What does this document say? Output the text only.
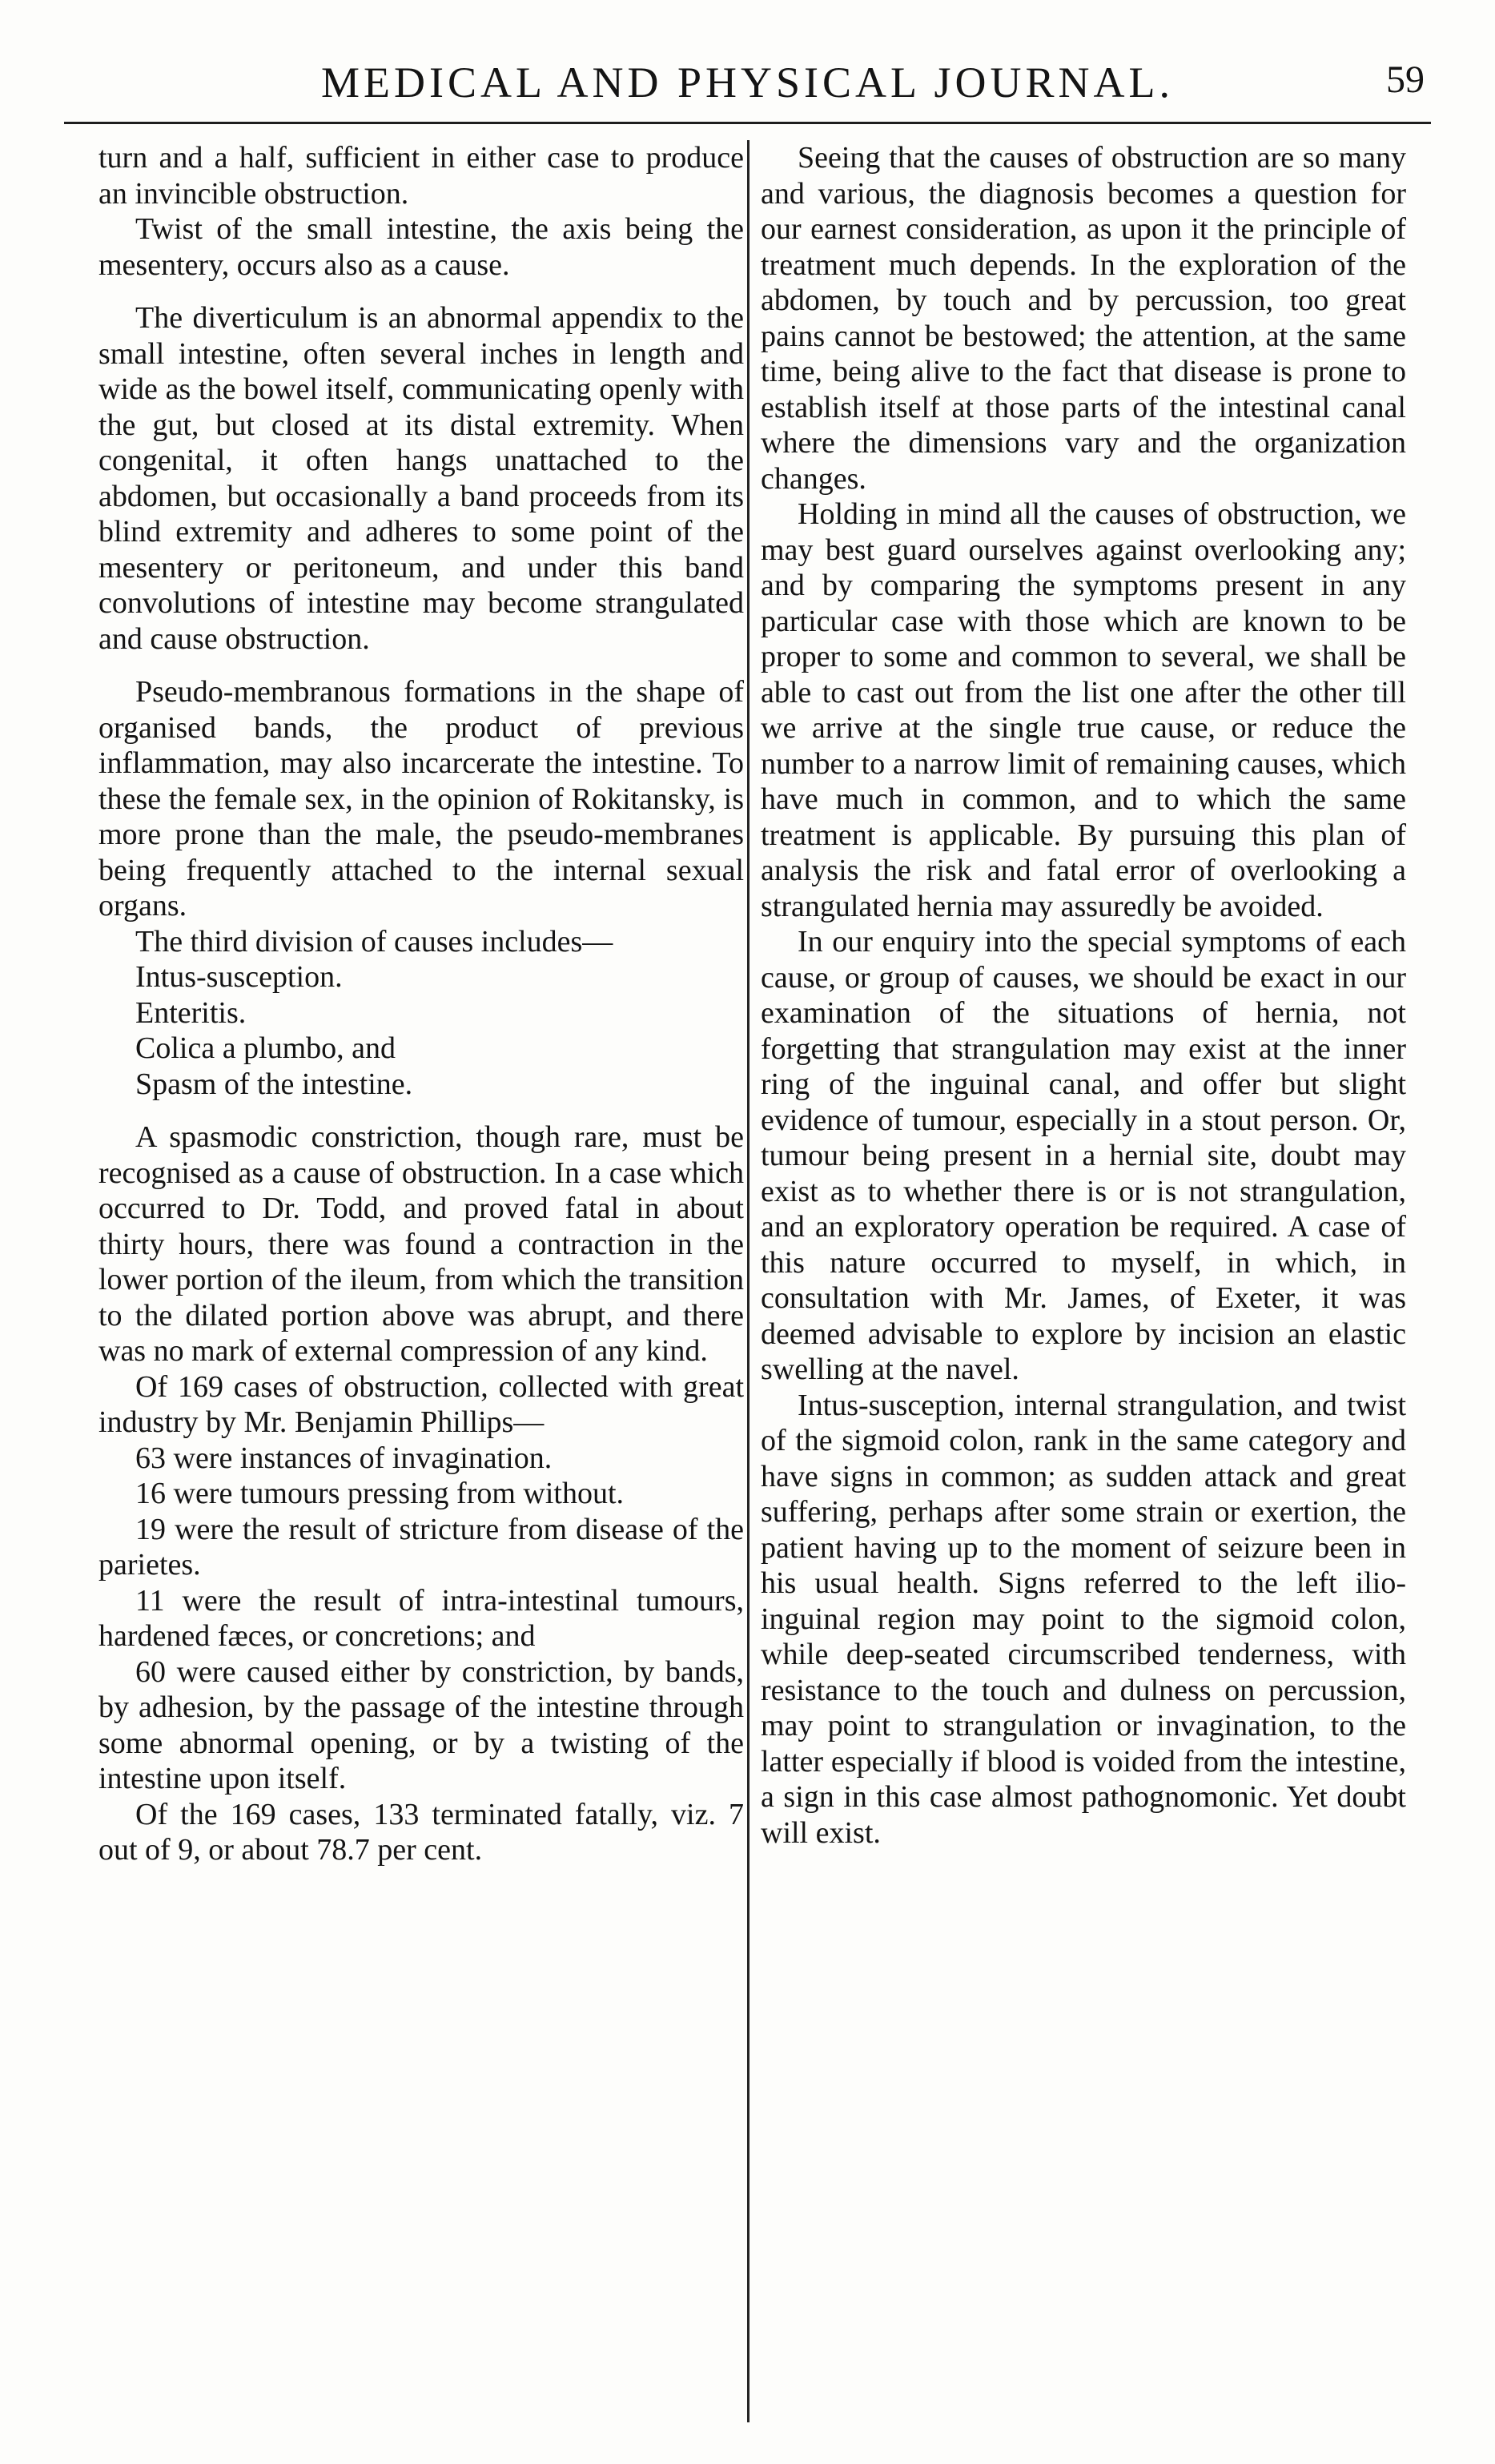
MEDICAL AND PHYSICAL JOURNAL.	59

turn and a half, sufficient in either case to produce an invincible obstruction.

Twist of the small intestine, the axis being the mesentery, occurs also as a cause.

The diverticulum is an abnormal appendix to the small intestine, often several inches in length and wide as the bowel itself, communicating openly with the gut, but closed at its distal extremity. When congenital, it often hangs unattached to the abdomen, but occasionally a band proceeds from its blind extremity and adheres to some point of the mesentery or peritoneum, and under this band convolutions of intestine may become strangulated and cause obstruction.

Pseudo-membranous formations in the shape of organised bands, the product of previous inflammation, may also incarcerate the intestine. To these the female sex, in the opinion of Rokitansky, is more prone than the male, the pseudo-membranes being frequently attached to the internal sexual organs.

The third division of causes includes—

Intus-susception.

Enteritis.

Colica a plumbo, and

Spasm of the intestine.

A spasmodic constriction, though rare, must be recognised as a cause of obstruction. In a case which occurred to Dr. Todd, and proved fatal in about thirty hours, there was found a contraction in the lower portion of the ileum, from which the transition to the dilated portion above was abrupt, and there was no mark of external compression of any kind.

Of 169 cases of obstruction, collected with great industry by Mr. Benjamin Phillips—

63 were instances of invagination.

16 were tumours pressing from without.

19 were the result of stricture from disease of the parietes.

11 were the result of intra-intestinal tumours, hardened fæces, or concretions; and

60 were caused either by constriction, by bands, by adhesion, by the passage of the intestine through some abnormal opening, or by a twisting of the intestine upon itself.

Of the 169 cases, 133 terminated fatally, viz. 7 out of 9, or about 78.7 per cent.

Seeing that the causes of obstruction are so many and various, the diagnosis becomes a question for our earnest consideration, as upon it the principle of treatment much depends. In the exploration of the abdomen, by touch and by percussion, too great pains cannot be bestowed; the attention, at the same time, being alive to the fact that disease is prone to establish itself at those parts of the intestinal canal where the dimensions vary and the organization changes.

Holding in mind all the causes of obstruction, we may best guard ourselves against overlooking any; and by comparing the symptoms present in any particular case with those which are known to be proper to some and common to several, we shall be able to cast out from the list one after the other till we arrive at the single true cause, or reduce the number to a narrow limit of remaining causes, which have much in common, and to which the same treatment is applicable. By pursuing this plan of analysis the risk and fatal error of overlooking a strangulated hernia may assuredly be avoided.

In our enquiry into the special symptoms of each cause, or group of causes, we should be exact in our examination of the situations of hernia, not forgetting that strangulation may exist at the inner ring of the inguinal canal, and offer but slight evidence of tumour, especially in a stout person. Or, tumour being present in a hernial site, doubt may exist as to whether there is or is not strangulation, and an exploratory operation be required. A case of this nature occurred to myself, in which, in consultation with Mr. James, of Exeter, it was deemed advisable to explore by incision an elastic swelling at the navel.

Intus-susception, internal strangulation, and twist of the sigmoid colon, rank in the same category and have signs in common; as sudden attack and great suffering, perhaps after some strain or exertion, the patient having up to the moment of seizure been in his usual health. Signs referred to the left ilio-inguinal region may point to the sigmoid colon, while deep-seated circumscribed tenderness, with resistance to the touch and dulness on percussion, may point to strangulation or invagination, to the latter especially if blood is voided from the intestine, a sign in this case almost pathognomonic. Yet doubt will exist.
